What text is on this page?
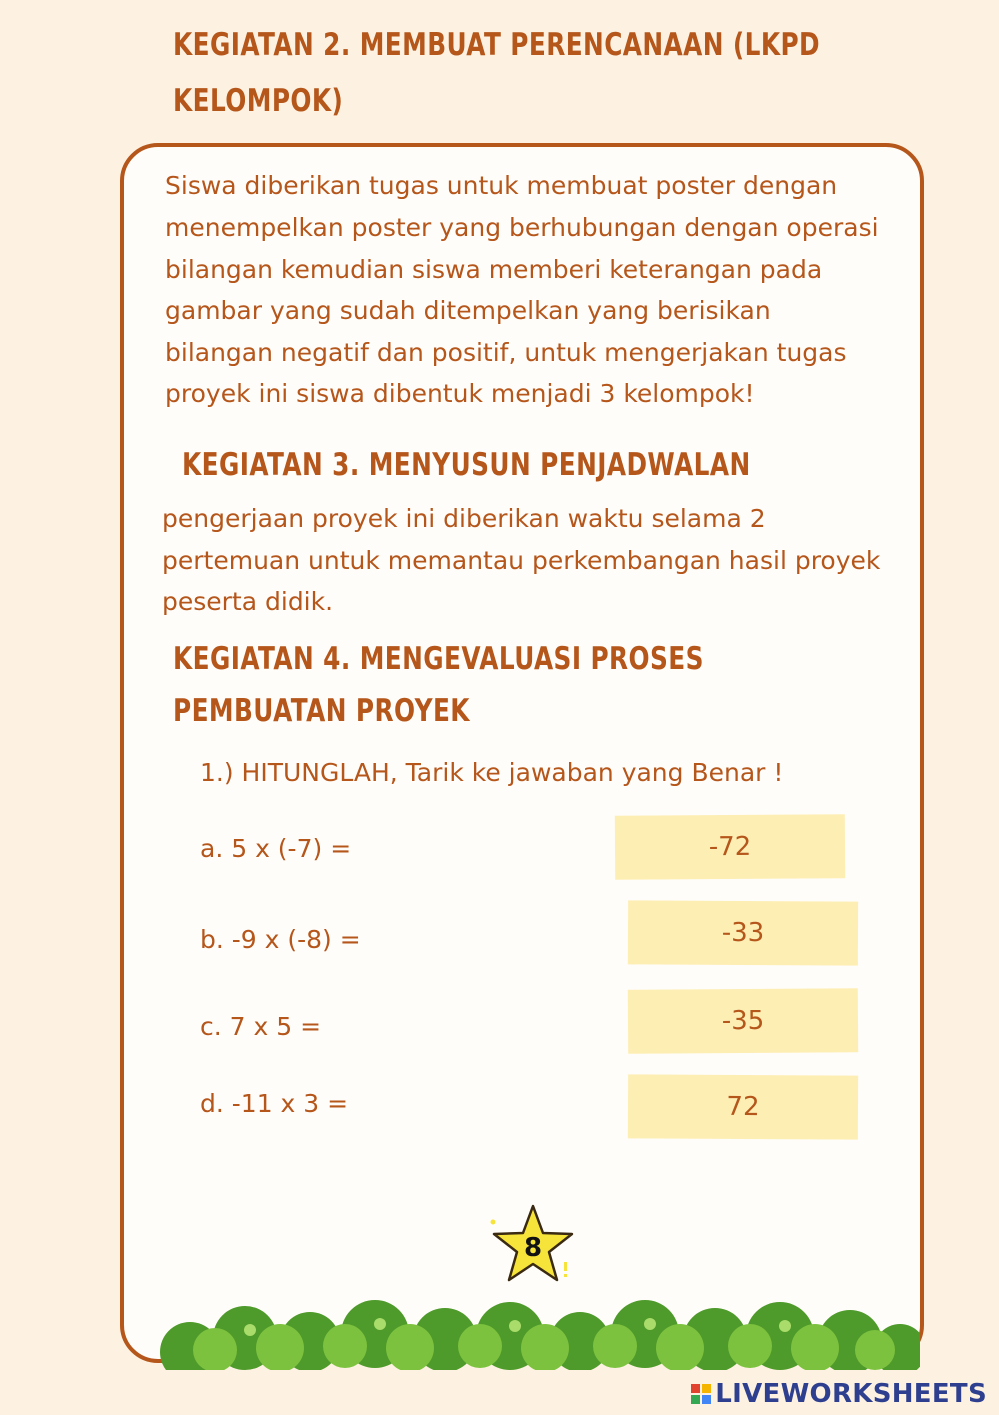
KEGIATAN 2. MEMBUAT PERENCANAAN (LKPD
KELOMPOK)
Siswa diberikan tugas untuk membuat poster dengan
menempelkan poster yang berhubungan dengan operasi
bilangan kemudian siswa memberi keterangan pada
gambar yang sudah ditempelkan yang berisikan
bilangan negatif dan positif, untuk mengerjakan tugas
proyek ini siswa dibentuk menjadi 3 kelompok!
KEGIATAN 3. MENYUSUN PENJADWALAN
pengerjaan proyek ini diberikan waktu selama 2
pertemuan untuk memantau perkembangan hasil proyek
peserta didik.
KEGIATAN 4. MENGEVALUASI PROSES
PEMBUATAN PROYEK
1.) HITUNGLAH, Tarik ke jawaban yang Benar !
a. 5 x (-7) =
b. -9 x (-8) =
c. 7 x 5 =
d. -11 x 3 =
-72
-33
-35
72
8
LIVEWORKSHEETS
